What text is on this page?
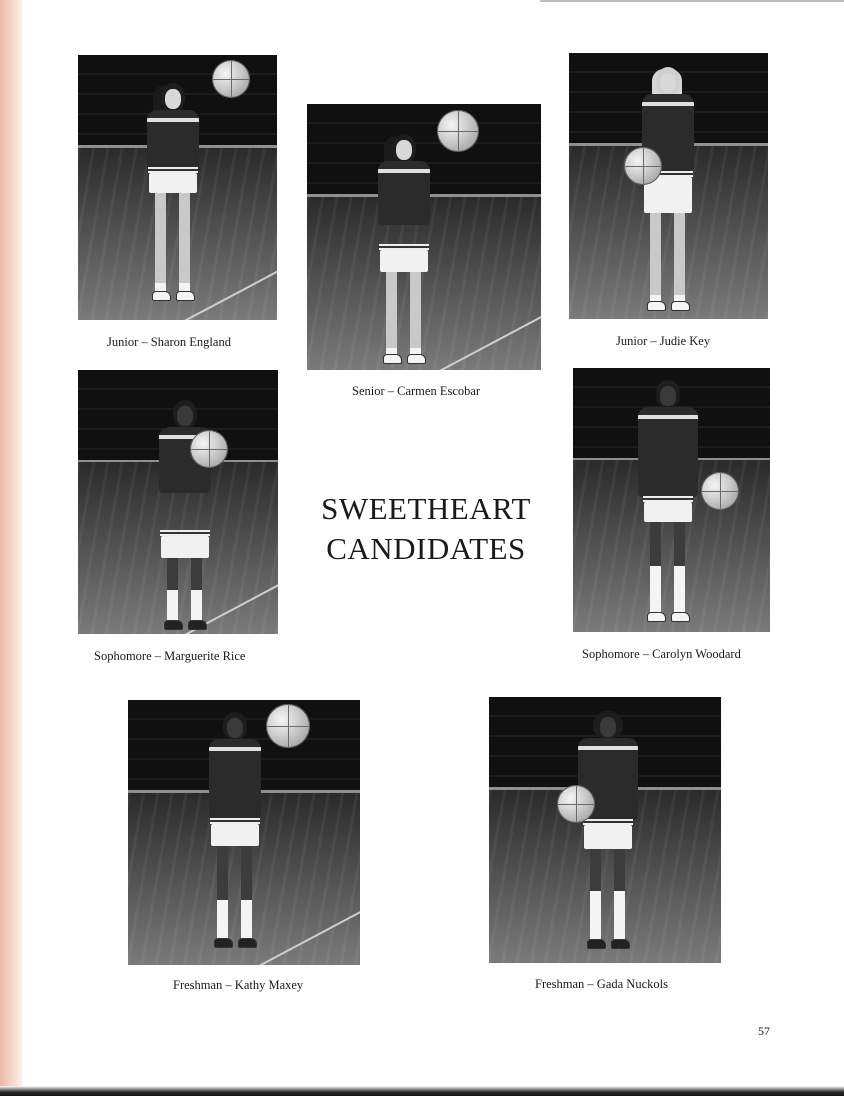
Junior – Sharon England
Senior – Carmen Escobar
Junior – Judie Key
Sophomore – Marguerite Rice
SWEETHEART
CANDIDATES
Sophomore – Carolyn Woodard
Freshman – Kathy Maxey	Freshman – Gada Nuckols
57
